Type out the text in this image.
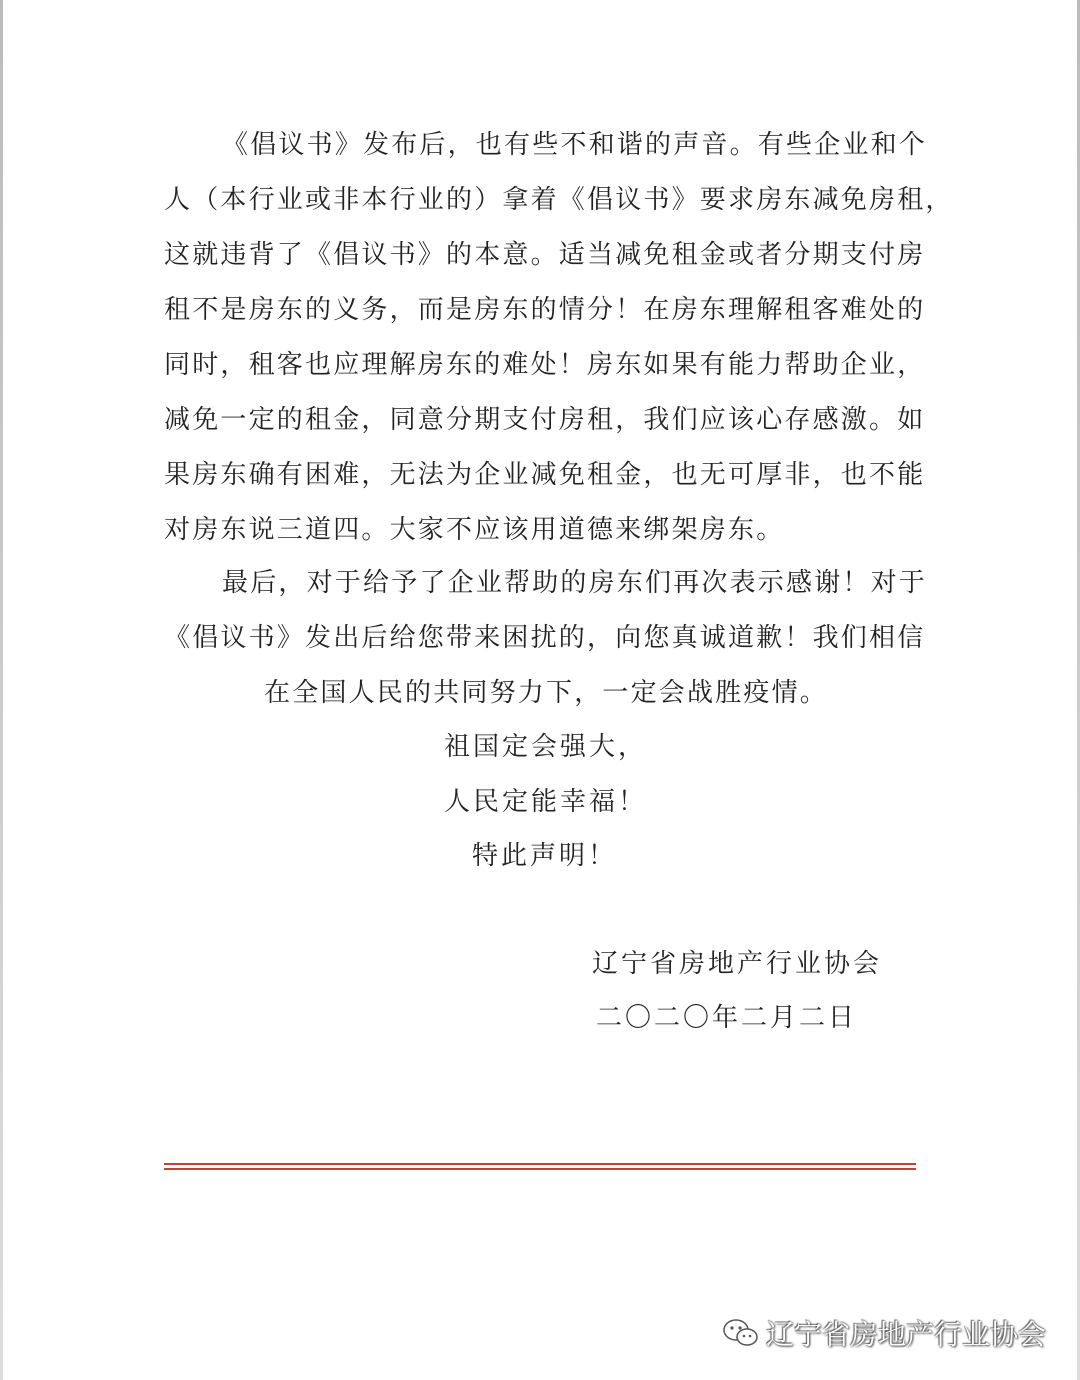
《倡议书》发布后，也有些不和谐的声音。有些企业和个
人（本行业或非本行业的）拿着《倡议书》要求房东减免房租，
这就违背了《倡议书》的本意。适当减免租金或者分期支付房
租不是房东的义务，而是房东的情分！在房东理解租客难处的
同时，租客也应理解房东的难处！房东如果有能力帮助企业，
减免一定的租金，同意分期支付房租，我们应该心存感激。如
果房东确有困难，无法为企业减免租金，也无可厚非，也不能
对房东说三道四。大家不应该用道德来绑架房东。
最后，对于给予了企业帮助的房东们再次表示感谢！对于
《倡议书》发出后给您带来困扰的，向您真诚道歉！我们相信
在全国人民的共同努力下，一定会战胜疫情。
祖国定会强大，
人民定能幸福！
特此声明！
辽宁省房地产行业协会
二〇二〇年二月二日
辽宁省房地产行业协会
